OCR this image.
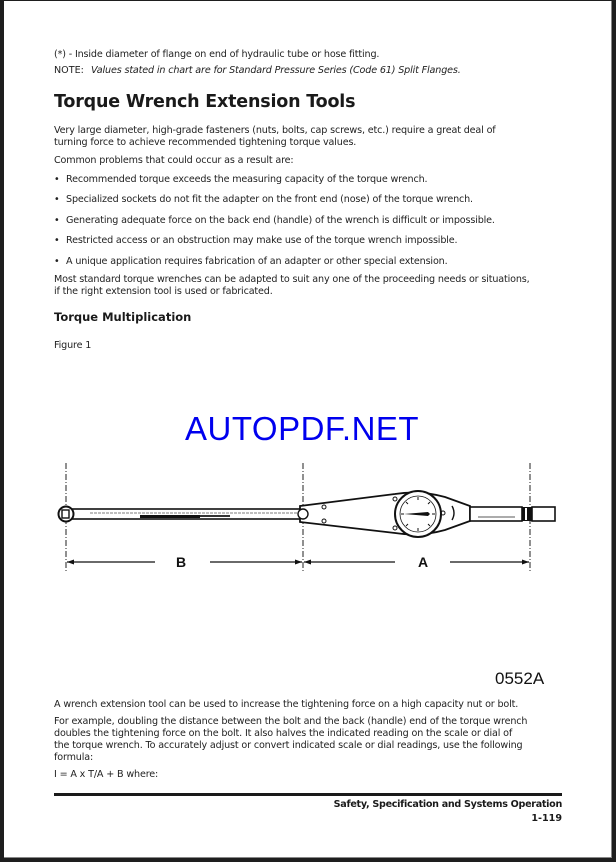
(*) - Inside diameter of flange on end of hydraulic tube or hose fitting.
NOTE: Values stated in chart are for Standard Pressure Series (Code 61) Split Flanges.
Torque Wrench Extension Tools
Very large diameter, high-grade fasteners (nuts, bolts, cap screws, etc.) require a great deal of
turning force to achieve recommended tightening torque values.
Common problems that could occur as a result are:
• Recommended torque exceeds the measuring capacity of the torque wrench.
• Specialized sockets do not fit the adapter on the front end (nose) of the torque wrench.
• Generating adequate force on the back end (handle) of the wrench is difficult or impossible.
• Restricted access or an obstruction may make use of the torque wrench impossible.
• A unique application requires fabrication of an adapter or other special extension.
Most standard torque wrenches can be adapted to suit any one of the proceeding needs or situations,
if the right extension tool is used or fabricated.
Torque Multiplication
Figure 1
AUTOPDF.NET
B	A
0552A
A wrench extension tool can be used to increase the tightening force on a high capacity nut or bolt.
For example, doubling the distance between the bolt and the back (handle) end of the torque wrench
doubles the tightening force on the bolt. It also halves the indicated reading on the scale or dial of
the torque wrench. To accurately adjust or convert indicated scale or dial readings, use the following
formula:
I = A x T/A + B where:
Safety, Specification and Systems Operation
1-119
